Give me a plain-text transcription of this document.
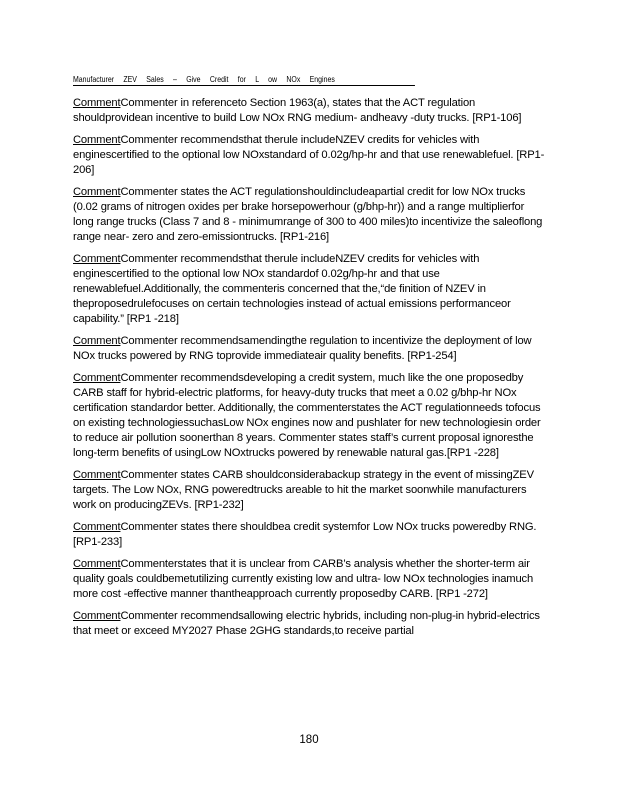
Manufacturer ZEV Sales – Give Credit for L ow NOx Engines

CommentCommenter in referenceto Section 1963(a), states that the ACT regulation shouldprovidean incentive to build Low NOx RNG medium- andheavy -duty trucks. [RP1-106]

CommentCommenter recommendsthat therule includeNZEV credits for vehicles with enginescertified to the optional low NOxstandard of 0.02g/hp-hr and that use renewablefuel. [RP1-206]

CommentCommenter states the ACT regulationshouldincludeapartial credit for low NOx trucks (0.02 grams of nitrogen oxides per brake horsepowerhour (g/bhp-hr)) and a range multiplierfor long range trucks (Class 7 and 8 - minimumrange of 300 to 400 miles)to incentivize the saleoflong range near- zero and zero-emissiontrucks. [RP1-216]

CommentCommenter recommendsthat therule includeNZEV credits for vehicles with enginescertified to the optional low NOx standardof 0.02g/hp-hr and that use renewablefuel.Additionally, the commenteris concerned that the,“de finition of NZEV in theproposedrulefocuses on certain technologies instead of actual emissions performanceor capability.” [RP1 -218]

CommentCommenter recommendsamendingthe regulation to incentivize the deployment of low NOx trucks powered by RNG toprovide immediateair quality benefits. [RP1-254]

CommentCommenter recommendsdeveloping a credit system, much like the one proposedby CARB staff for hybrid-electric platforms, for heavy-duty trucks that meet a 0.02 g/bhp-hr NOx certification standardor better. Additionally, the commenterstates the ACT regulationneeds tofocus on existing technologiessuchasLow NOx engines now and pushlater for new technologiesin order to reduce air pollution soonerthan 8 years. Commenter states staff’s current proposal ignoresthe long-term benefits of usingLow NOxtrucks powered by renewable natural gas.[RP1 -228]

CommentCommenter states CARB shouldconsiderabackup strategy in the event of missingZEV targets. The Low NOx, RNG poweredtrucks areable to hit the market soonwhile manufacturers work on producingZEVs. [RP1-232]

CommentCommenter states there shouldbea credit systemfor Low NOx trucks poweredby RNG. [RP1-233]

CommentCommenterstates that it is unclear from CARB’s analysis whether the shorter-term air quality goals couldbemetutilizing currently existing low and ultra- low NOx technologies inamuch more cost -effective manner thantheapproach currently proposedby CARB. [RP1 -272]

CommentCommenter recommendsallowing electric hybrids, including non-plug-in hybrid-electrics that meet or exceed MY2027 Phase 2GHG standards,to receive partial

180
